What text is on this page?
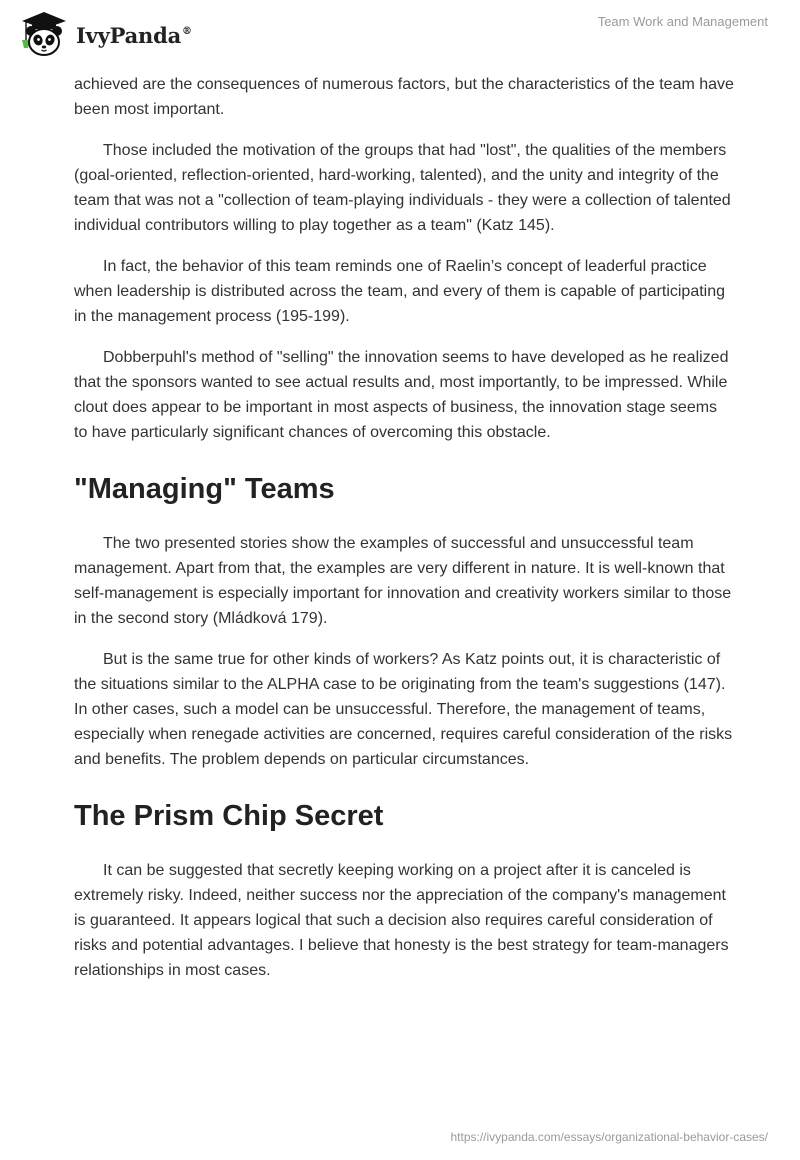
IvyPanda®
Team Work and Management

achieved are the consequences of numerous factors, but the characteristics of the team have been most important.

Those included the motivation of the groups that had "lost", the qualities of the members (goal-oriented, reflection-oriented, hard-working, talented), and the unity and integrity of the team that was not a "collection of team-playing individuals - they were a collection of talented individual contributors willing to play together as a team" (Katz 145).

In fact, the behavior of this team reminds one of Raelin’s concept of leaderful practice when leadership is distributed across the team, and every of them is capable of participating in the management process (195-199).

Dobberpuhl's method of "selling" the innovation seems to have developed as he realized that the sponsors wanted to see actual results and, most importantly, to be impressed. While clout does appear to be important in most aspects of business, the innovation stage seems to have particularly significant chances of overcoming this obstacle.

"Managing" Teams

The two presented stories show the examples of successful and unsuccessful team management. Apart from that, the examples are very different in nature. It is well-known that self-management is especially important for innovation and creativity workers similar to those in the second story (Mládková 179).

But is the same true for other kinds of workers? As Katz points out, it is characteristic of the situations similar to the ALPHA case to be originating from the team's suggestions (147). In other cases, such a model can be unsuccessful. Therefore, the management of teams, especially when renegade activities are concerned, requires careful consideration of the risks and benefits. The problem depends on particular circumstances.

The Prism Chip Secret

It can be suggested that secretly keeping working on a project after it is canceled is extremely risky. Indeed, neither success nor the appreciation of the company's management is guaranteed. It appears logical that such a decision also requires careful consideration of risks and potential advantages. I believe that honesty is the best strategy for team-managers relationships in most cases.

https://ivypanda.com/essays/organizational-behavior-cases/
